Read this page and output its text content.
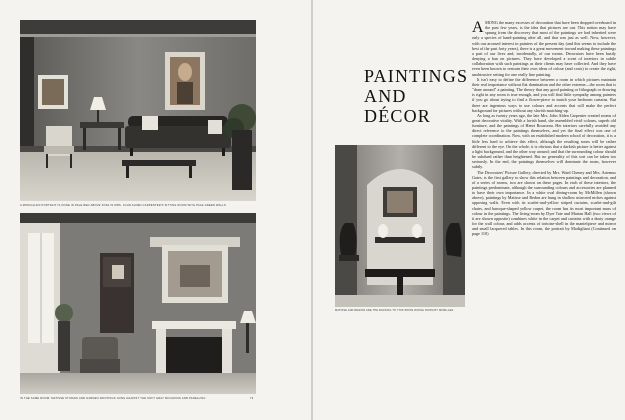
A MODIGLIANI PORTRAIT IS DONE IN PALE RED ABOVE SOFA IN MRS. JOHN ALDEN CARPENTER'S SITTING ROOM WITH PALE GREEN WALLS
IN THE SAME ROOM: MATISSE STUDIES AND GARDEN PAINTINGS HUNG AGAINST THE SOFT GRAY MOULDING AND PANELLING	73
MATISSE AND RENOIR ARE THE BACKING TO THIS WHITE DINING ROOM BY MCMILLEN
PAINTINGS
AND DÉCOR

AMONG the many excesses of decoration that have been dropped overboard in the past few years, is the idea that pictures are out. This notion may have sprung from the discovery that most of the paintings we had inherited were only a species of hand-painting after all, and that was just as well. Now, however, with our aroused interest in painters of the present day (and this seems to include the best of the past forty years), there is a great movement toward making these paintings a part of our lives and, incidentally, of our rooms. Decorators have been busily denying a ban on pictures. They have developed a scent of interiors in subtle collaboration with such paintings as their clients may have collected. And they have even been known to restrain their own ideas of colour (and costs) to create the right, unobtrusive setting for one really fine painting.

It isn't easy to define the difference between a room in which pictures maintain their real importance without flat domination and the other extreme—the room that is "done around" a painting. The theory that any good painting or lithograph or drawing is right in any room is true enough, and you will find little sympathy among painters if you go about trying to find a flower-piece to match your bedroom curtains. But there are ingenious ways to use colours and accents that will make the perfect background for pictures without any slavish matching-up.

As long as twenty years ago, the late Mrs. John Alden Carpenter created rooms of great decorative vitality. With a lavish hand, she assembled vivid colours, superb old furniture, and the paintings of Henri Rousseau. Her interiors carefully avoided any direct reference to the paintings themselves, and yet the final effect was one of complete coordination. Now, with an established modern school of decoration, it is a little less hard to achieve this effect, although the resulting room will be rather different to the eye. On the whole, it is obvious that a darkish picture is better against a light background, and the other way around; and that the surrounding colour should be subdued rather than heightened. But no generality of this sort can be taken too seriously. In the end, the paintings themselves will dominate the room, however subtly.

The Decorators' Picture Gallery, directed by Mrs. Ward Cheney and Mrs. Artemus Gates, is the first gallery to show this relation between paintings and decoration, and of a series of rooms, two are shown on these pages. In each of these interiors, the paintings predominate, although the surrounding colours and accessories are planned to have their own importance. In a white oval dining-room by McMillen (shown above), paintings by Matisse and Redon are hung in shallow mirrored niches against opposing walls. Even with its scarlet-and-yellow striped curtains, scarlet-and-gilt chairs, and baroque-shaped yellow carpet, the room has its most important mass of colour in the paintings. The living-room by Dyer Tate and Marian Hall (two views of it are shown opposite) combines white in the carpet and curtains with a dusty orange for the wall colour, and adds accents of tortoise-shell in the mantelpiece and mirror and small lacquered tables. In this room, the portrait by Modigliani (Continued on page 110)
